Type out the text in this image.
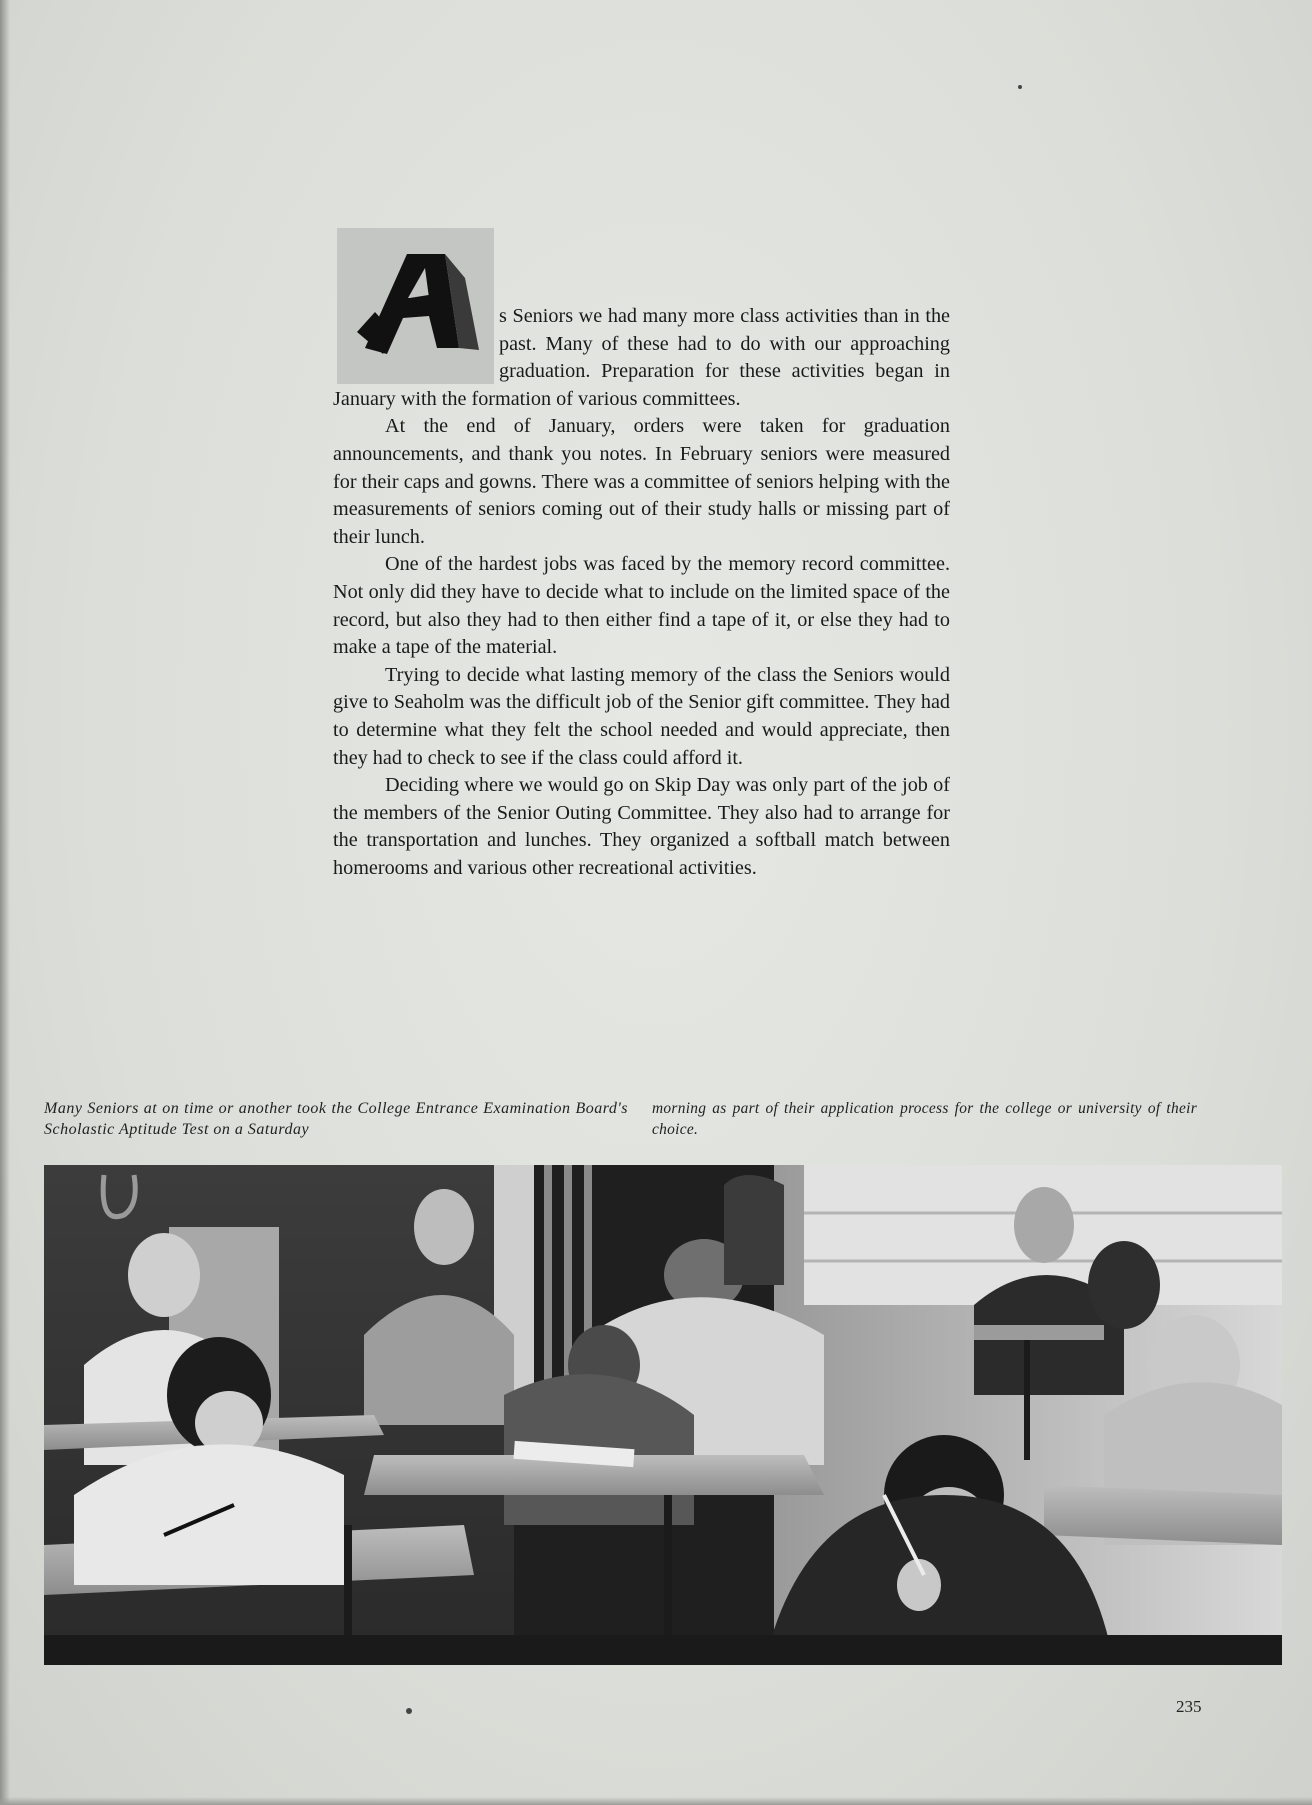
s Seniors we had many more class activities than in the past. Many of these had to do with our approaching graduation. Preparation for these activities began in January with the formation of various committees.

At the end of January, orders were taken for graduation announcements, and thank you notes. In February seniors were measured for their caps and gowns. There was a committee of seniors helping with the measurements of seniors coming out of their study halls or missing part of their lunch.

One of the hardest jobs was faced by the memory record committee. Not only did they have to decide what to include on the limited space of the record, but also they had to then either find a tape of it, or else they had to make a tape of the material.

Trying to decide what lasting memory of the class the Seniors would give to Seaholm was the difficult job of the Senior gift committee. They had to determine what they felt the school needed and would appreciate, then they had to check to see if the class could afford it.

Deciding where we would go on Skip Day was only part of the job of the members of the Senior Outing Committee. They also had to arrange for the transportation and lunches. They organized a softball match between homerooms and various other recreational activities.

Many Seniors at on time or another took the College Entrance Examination Board's Scholastic Aptitude Test on a Saturday
morning as part of their application process for the college or university of their choice.
235
